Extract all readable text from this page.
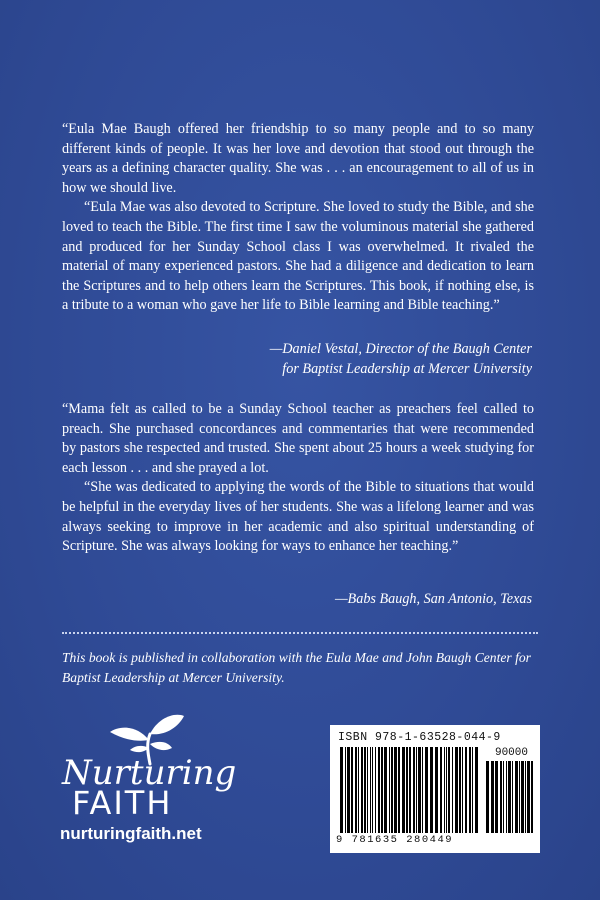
“Eula Mae Baugh offered her friendship to so many people and to so many different kinds of people. It was her love and devotion that stood out through the years as a defining character quality. She was . . . an encouragement to all of us in how we should live.

“Eula Mae was also devoted to Scripture. She loved to study the Bible, and she loved to teach the Bible. The first time I saw the voluminous material she gathered and produced for her Sunday School class I was overwhelmed. It rivaled the material of many experienced pastors. She had a diligence and dedication to learn the Scriptures and to help others learn the Scriptures. This book, if nothing else, is a tribute to a woman who gave her life to Bible learning and Bible teaching.”

—Daniel Vestal, Director of the Baugh Center
for Baptist Leadership at Mercer University

“Mama felt as called to be a Sunday School teacher as preachers feel called to preach. She purchased concordances and commentaries that were recommended by pastors she respected and trusted. She spent about 25 hours a week studying for each lesson . . . and she prayed a lot.

“She was dedicated to applying the words of the Bible to situations that would be helpful in the everyday lives of her students. She was a lifelong learner and was always seeking to improve in her academic and also spiritual understanding of Scripture. She was always looking for ways to enhance her teaching.”

—Babs Baugh, San Antonio, Texas
This book is published in collaboration with the Eula Mae and John Baugh Center for Baptist Leadership at Mercer University.
Nurturing
FAITH
nurturingfaith.net
ISBN 978-1-63528-044-9
90000
9 781635 280449
